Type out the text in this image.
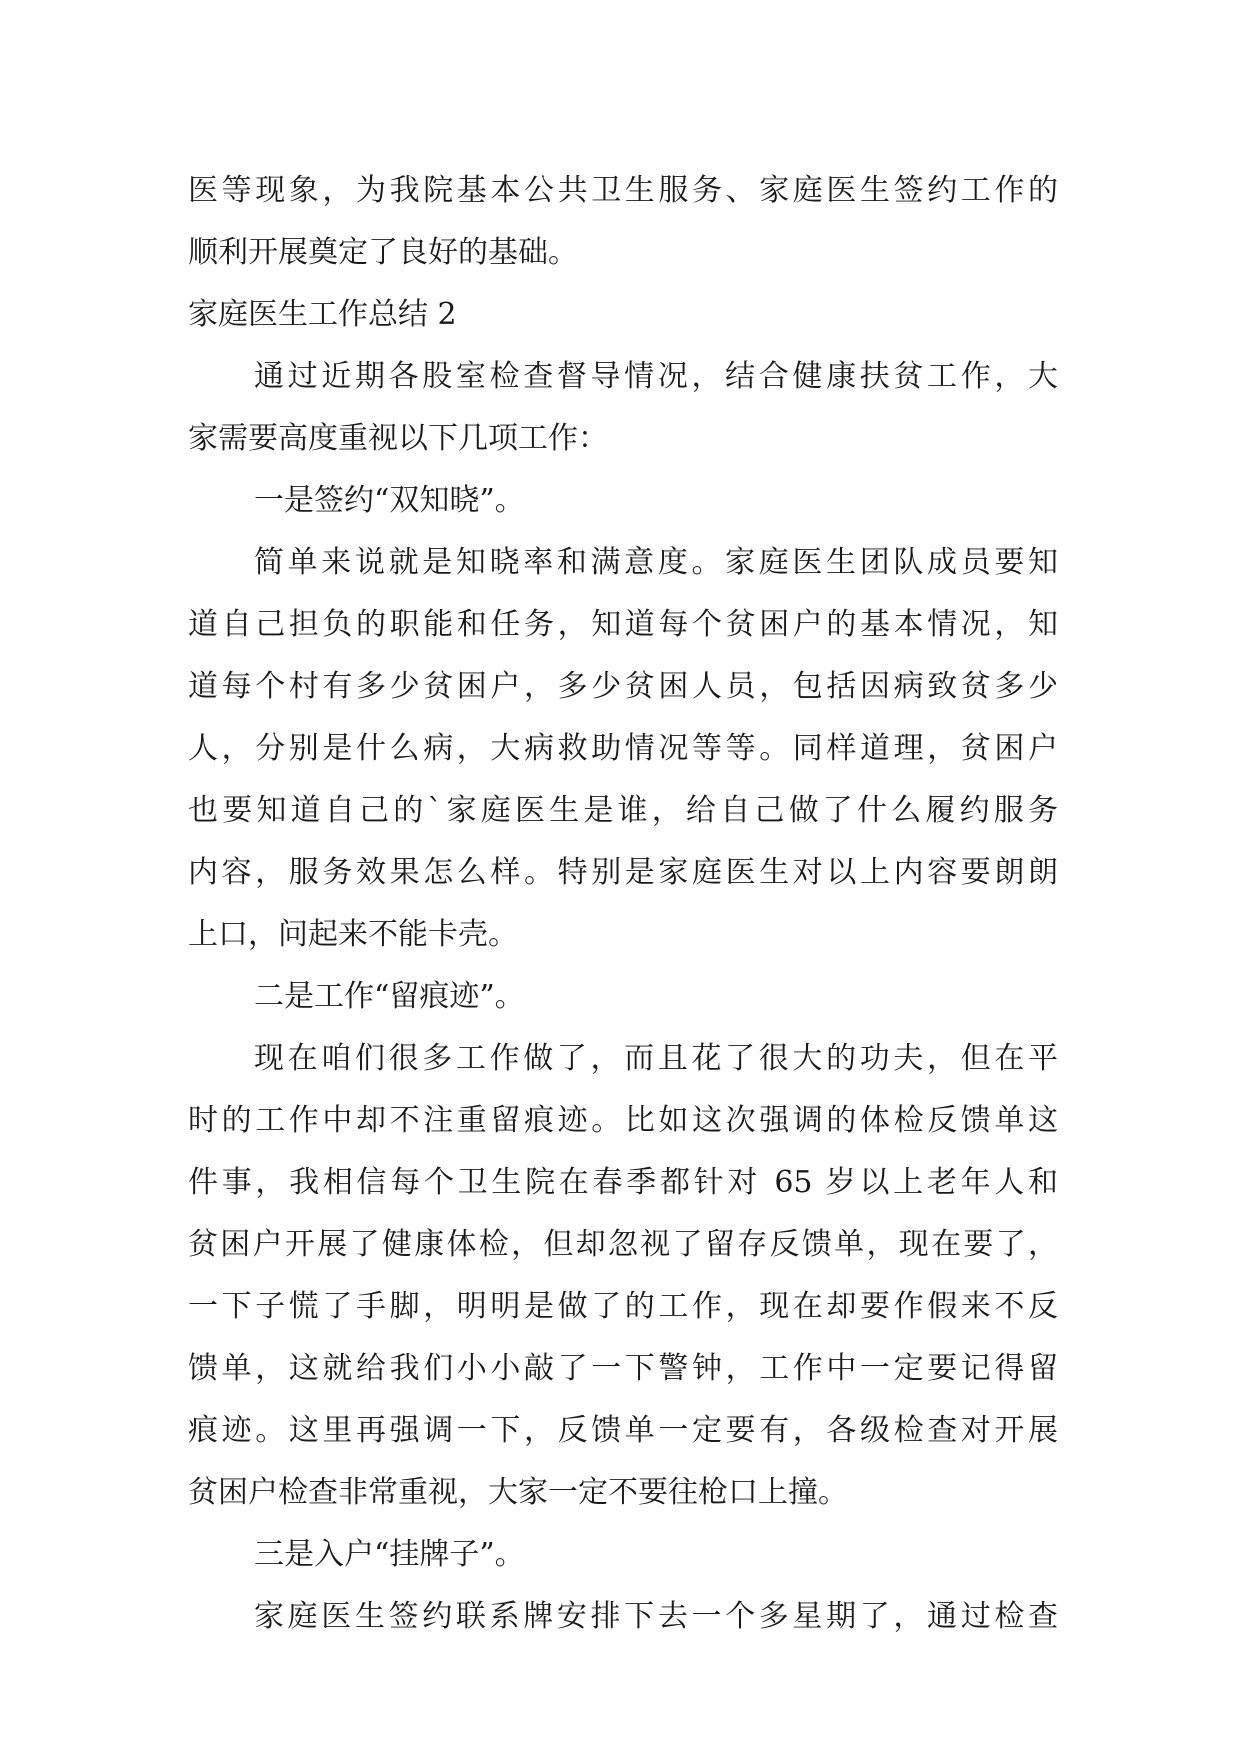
医等现象，为我院基本公共卫生服务、家庭医生签约工作的
顺利开展奠定了良好的基础。
家庭医生工作总结 2
通过近期各股室检查督导情况，结合健康扶贫工作，大
家需要高度重视以下几项工作：
一是签约“双知晓”。
简单来说就是知晓率和满意度。家庭医生团队成员要知
道自己担负的职能和任务，知道每个贫困户的基本情况，知
道每个村有多少贫困户，多少贫困人员，包括因病致贫多少
人，分别是什么病，大病救助情况等等。同样道理，贫困户
也要知道自己的`家庭医生是谁，给自己做了什么履约服务
内容，服务效果怎么样。特别是家庭医生对以上内容要朗朗
上口，问起来不能卡壳。
二是工作“留痕迹”。
现在咱们很多工作做了，而且花了很大的功夫，但在平
时的工作中却不注重留痕迹。比如这次强调的体检反馈单这
件事，我相信每个卫生院在春季都针对 65 岁以上老年人和
贫困户开展了健康体检，但却忽视了留存反馈单，现在要了，
一下子慌了手脚，明明是做了的工作，现在却要作假来不反
馈单，这就给我们小小敲了一下警钟，工作中一定要记得留
痕迹。这里再强调一下，反馈单一定要有，各级检查对开展
贫困户检查非常重视，大家一定不要往枪口上撞。
三是入户“挂牌子”。
家庭医生签约联系牌安排下去一个多星期了，通过检查
